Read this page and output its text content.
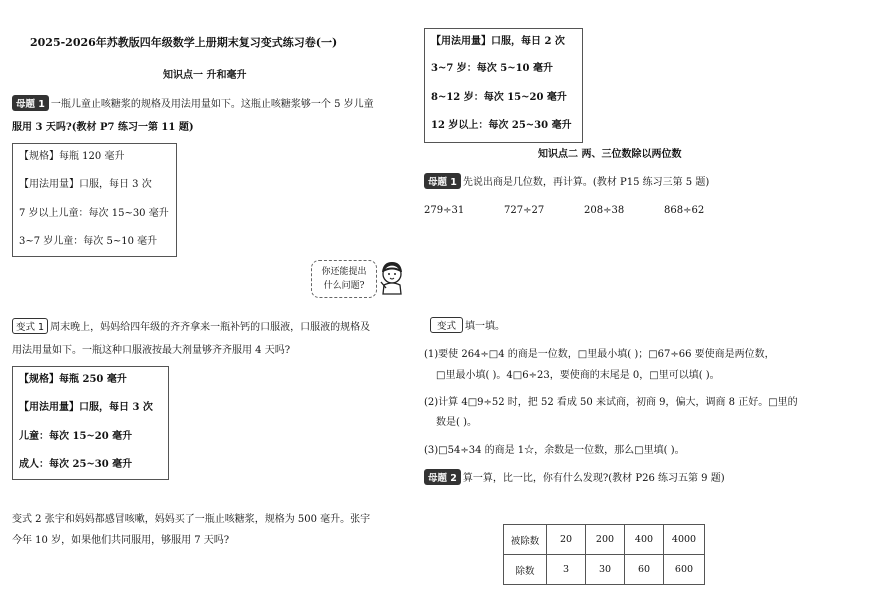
2025-2026年苏教版四年级数学上册期末复习变式练习卷(一)
知识点一 升和毫升
母题 1 一瓶儿童止咳糖浆的规格及用法用量如下。这瓶止咳糖浆够一个 5 岁儿童
服用 3 天吗?(教材 P7 练习一第 11 题)
【规格】每瓶 120 毫升
【用法用量】口服，每日 3 次
7 岁以上儿童：每次 15~30 毫升
3~7 岁儿童：每次 5~10 毫升
你还能提出
什么问题?
变式 1 周末晚上，妈妈给四年级的齐齐拿来一瓶补钙的口服液，口服液的规格及
用法用量如下。一瓶这种口服液按最大剂量够齐齐服用 4 天吗?
【规格】每瓶 250 毫升
【用法用量】口服，每日 3 次
儿童：每次 15~20 毫升
成人：每次 25~30 毫升
变式 2 张宇和妈妈都感冒咳嗽，妈妈买了一瓶止咳糖浆，规格为 500 毫升。张宇
今年 10 岁，如果他们共同服用，够服用 7 天吗?
【用法用量】口服，每日 2 次
3~7 岁：每次 5~10 毫升
8~12 岁：每次 15~20 毫升
12 岁以上：每次 25~30 毫升
知识点二 两、三位数除以两位数
母题 1 先说出商是几位数，再计算。(教材 P15 练习三第 5 题)
279÷31	727÷27	208÷38	868÷62
变式 填一填。
(1)要使 264÷□4 的商是一位数，□里最小填( )；□67÷66 要使商是两位数，
□里最小填( )。4□6÷23，要使商的末尾是 0，□里可以填( )。
(2)计算 4□9÷52 时，把 52 看成 50 来试商，初商 9，偏大，调商 8 正好。□里的
数是( )。
(3)□54÷34 的商是 1☆，余数是一位数，那么□里填( )。
母题 2 算一算，比一比，你有什么发现?(教材 P26 练习五第 9 题)
被除数	20	200	400	4000
除数	3	30	60	600
